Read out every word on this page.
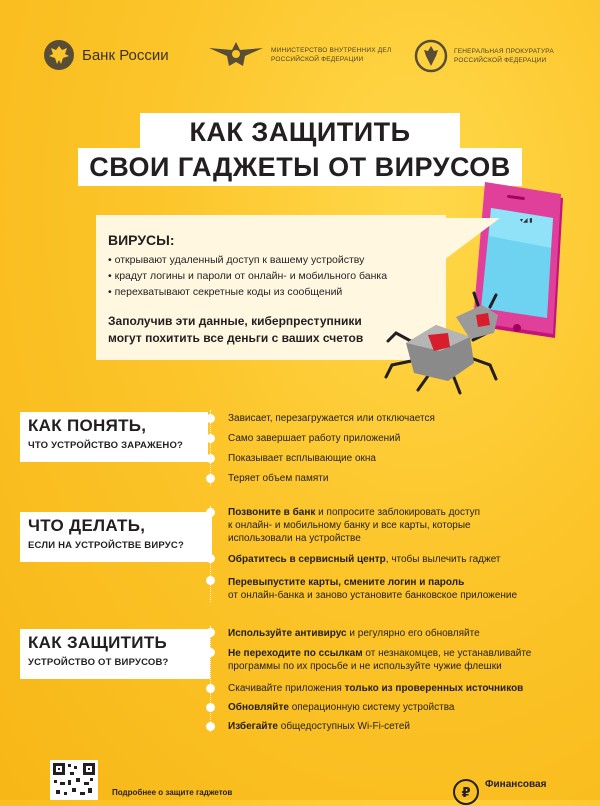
Банк России	МИНИСТЕРСТВО ВНУТРЕННИХ ДЕЛ
РОССИЙСКОЙ ФЕДЕРАЦИИ
ГЕНЕРАЛЬНАЯ ПРОКУРАТУРА
РОССИЙСКОЙ ФЕДЕРАЦИИ
КАК ЗАЩИТИТЬ
СВОИ ГАДЖЕТЫ ОТ ВИРУСОВ
▾◢ ▮
ВИРУСЫ:
• открывают удаленный доступ к вашему устройству
• крадут логины и пароли от онлайн- и мобильного банка
• перехватывают секретные коды из сообщений
Заполучив эти данные, киберпреступники
могут похитить все деньги с ваших счетов
КАК ПОНЯТЬ,
ЧТО УСТРОЙСТВО ЗАРАЖЕНО?
Зависает, перезагружается или отключается
Само завершает работу приложений
Показывает всплывающие окна
Теряет объем памяти
ЧТО ДЕЛАТЬ,
ЕСЛИ НА УСТРОЙСТВЕ ВИРУС?
Позвоните в банк и попросите заблокировать доступ
к онлайн- и мобильному банку и все карты, которые
использовали на устройстве
Обратитесь в сервисный центр, чтобы вылечить гаджет
Перевыпустите карты, смените логин и пароль
от онлайн-банка и заново установите банковское приложение
КАК ЗАЩИТИТЬ
УСТРОЙСТВО ОТ ВИРУСОВ?
Используйте антивирус и регулярно его обновляйте
Не переходите по ссылкам от незнакомцев, не устанавливайте
программы по их просьбе и не используйте чужие флешки
Скачивайте приложения только из проверенных источников
Обновляйте операционную систему устройства
Избегайте общедоступных Wi-Fi-сетей
Подробнее о защите гаджетов	₽
Финансовая
